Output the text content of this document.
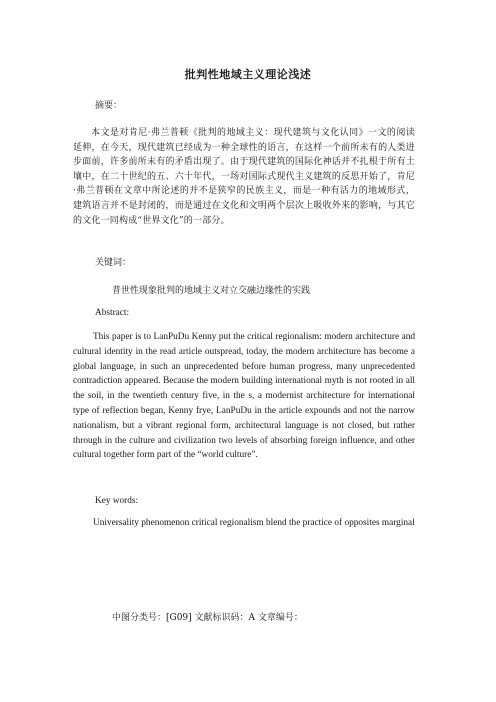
批判性地域主义理论浅述
摘要：
本文是对肯尼·弗兰普顿《批判的地域主义：现代建筑与文化认同》一文的阅读延伸，在今天，现代建筑已经成为一种全球性的语言，在这样一个前所未有的人类进步面前，许多前所未有的矛盾出现了。由于现代建筑的国际化神话并不扎根于所有土壤中，在二十世纪的五、六十年代，一场对国际式现代主义建筑的反思开始了，肯尼·弗兰普顿在文章中所论述的并不是狭窄的民族主义，而是一种有活力的地域形式，建筑语言并不是封闭的，而是通过在文化和文明两个层次上吸收外来的影响，与其它的文化一同构成“世界文化”的一部分。
关键词：
普世性现象批判的地域主义对立交融边缘性的实践
Abstract:
This paper is to LanPuDu Kenny put the critical regionalism: modern architecture and cultural identity in the read article outspread, today, the modern architecture has become a global language, in such an unprecedented before human progress, many unprecedented contradiction appeared. Because the modern building international myth is not rooted in all the soil, in the twentieth century five, in the s, a modernist architecture for international type of reflection began, Kenny frye, LanPuDu in the article expounds and not the narrow nationalism, but a vibrant regional form, architectural language is not closed, but rather through in the culture and civilization two levels of absorbing foreign influence, and other cultural together form part of the “world culture”.
Key words:
Universality phenomenon critical regionalism blend the practice of opposites marginal
中图分类号：[G09] 文献标识码：A 文章编号：
